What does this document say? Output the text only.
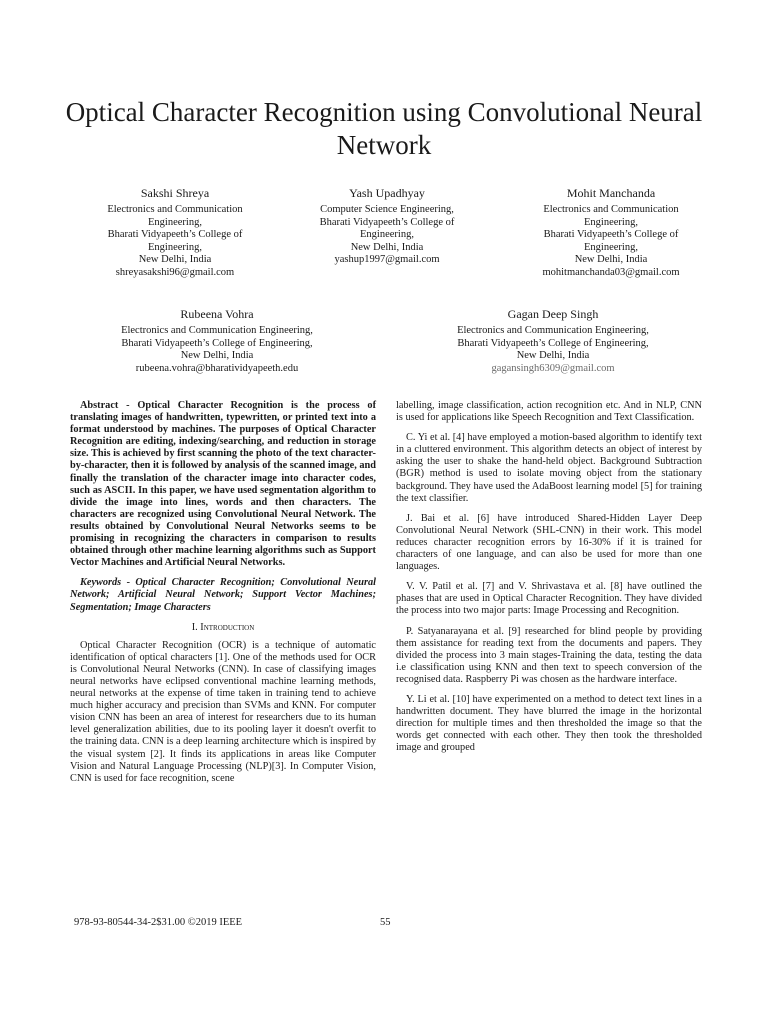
Optical Character Recognition using Convolutional Neural Network
Sakshi Shreya
Electronics and Communication
Engineering,
Bharati Vidyapeeth’s College of
Engineering,
New Delhi, India
shreyasakshi96@gmail.com
Yash Upadhyay
Computer Science Engineering,
Bharati Vidyapeeth’s College of
Engineering,
New Delhi, India
yashup1997@gmail.com
Mohit Manchanda
Electronics and Communication
Engineering,
Bharati Vidyapeeth’s College of
Engineering,
New Delhi, India
mohitmanchanda03@gmail.com
Rubeena Vohra
Electronics and Communication Engineering,
Bharati Vidyapeeth’s College of Engineering,
New Delhi, India
rubeena.vohra@bharatividyapeeth.edu
Gagan Deep Singh
Electronics and Communication Engineering,
Bharati Vidyapeeth’s College of Engineering,
New Delhi, India
gagansingh6309@gmail.com

Abstract - Optical Character Recognition is the process of translating images of handwritten, typewritten, or printed text into a format understood by machines. The purposes of Optical Character Recognition are editing, indexing/searching, and reduction in storage size. This is achieved by first scanning the photo of the text character-by-character, then it is followed by analysis of the scanned image, and finally the translation of the character image into character codes, such as ASCII. In this paper, we have used segmentation algorithm to divide the image into lines, words and then characters. The characters are recognized using Convolutional Neural Network. The results obtained by Convolutional Neural Networks seems to be promising in recognizing the characters in comparison to results obtained through other machine learning algorithms such as Support Vector Machines and Artificial Neural Networks.

Keywords - Optical Character Recognition; Convolutional Neural Network; Artificial Neural Network; Support Vector Machines; Segmentation; Image Characters

I. Introduction

Optical Character Recognition (OCR) is a technique of automatic identification of optical characters [1]. One of the methods used for OCR is Convolutional Neural Networks (CNN). In case of classifying images neural networks have eclipsed conventional machine learning methods, neural networks at the expense of time taken in training tend to achieve much higher accuracy and precision than SVMs and KNN. For computer vision CNN has been an area of interest for researchers due to its human level generalization abilities, due to its pooling layer it doesn't overfit to the training data. CNN is a deep learning architecture which is inspired by the visual system [2]. It finds its applications in areas like Computer Vision and Natural Language Processing (NLP)[3]. In Computer Vision, CNN is used for face recognition, scene

labelling, image classification, action recognition etc. And in NLP, CNN is used for applications like Speech Recognition and Text Classification.

C. Yi et al. [4] have employed a motion-based algorithm to identify text in a cluttered environment. This algorithm detects an object of interest by asking the user to shake the hand-held object. Background Subtraction (BGR) method is used to isolate moving object from the stationary background. They have used the AdaBoost learning model [5] for training the text classifier.

J. Bai et al. [6] have introduced Shared-Hidden Layer Deep Convolutional Neural Network (SHL-CNN) in their work. This model reduces character recognition errors by 16-30% if it is trained for characters of one language, and can also be used for more than one languages.

V. V. Patil et al. [7] and V. Shrivastava et al. [8] have outlined the phases that are used in Optical Character Recognition. They have divided the process into two major parts: Image Processing and Recognition.

P. Satyanarayana et al. [9] researched for blind people by providing them assistance for reading text from the documents and papers. They divided the process into 3 main stages-Training the data, testing the data i.e classification using KNN and then text to speech conversion of the recognised data. Raspberry Pi was chosen as the hardware interface.

Y. Li et al. [10] have experimented on a method to detect text lines in a handwritten document. They have blurred the image in the horizontal direction for multiple times and then thresholded the image so that the words get connected with each other. They then took the thresholded image and grouped

978-93-80544-34-2$31.00 ©2019 IEEE	55
